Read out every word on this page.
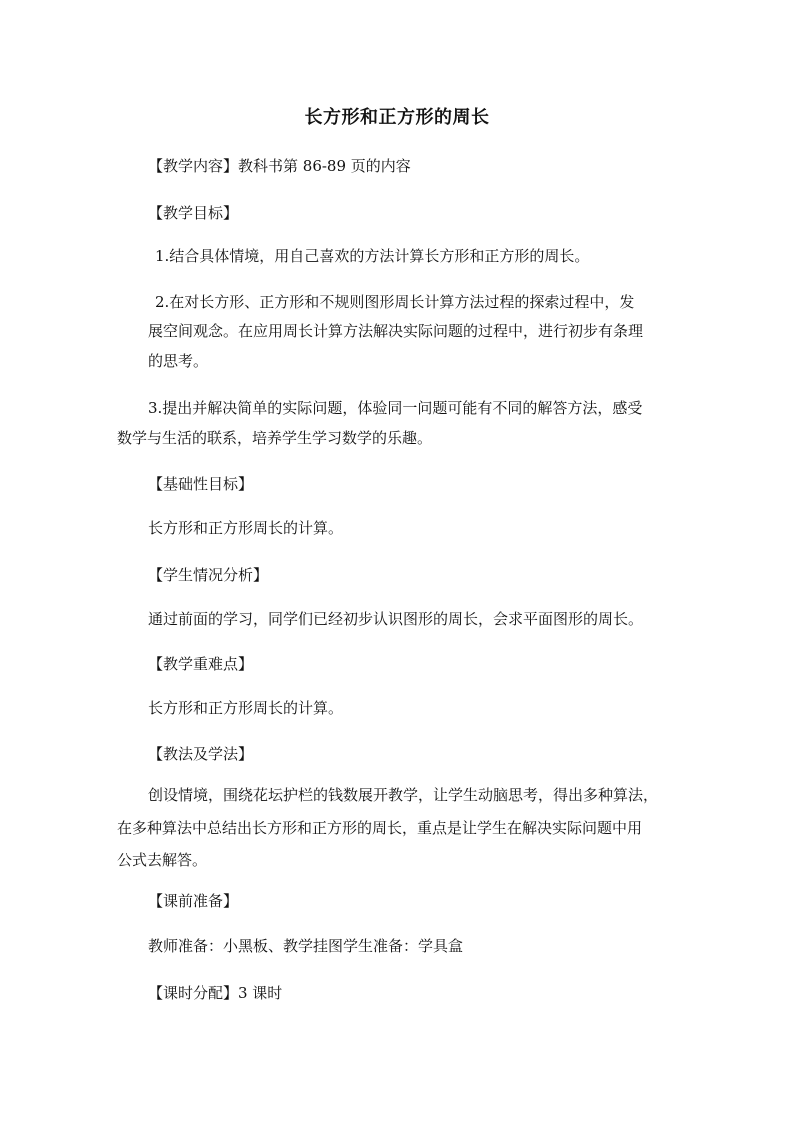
长方形和正方形的周长
【教学内容】教科书第 86-89 页的内容
【教学目标】
1.结合具体情境，用自己喜欢的方法计算长方形和正方形的周长。
2.在对长方形、正方形和不规则图形周长计算方法过程的探索过程中，发
展空间观念。在应用周长计算方法解决实际问题的过程中，进行初步有条理
的思考。
3.提出并解决简单的实际问题，体验同一问题可能有不同的解答方法，感受
数学与生活的联系，培养学生学习数学的乐趣。
【基础性目标】
长方形和正方形周长的计算。
【学生情况分析】
通过前面的学习，同学们已经初步认识图形的周长，会求平面图形的周长。
【教学重难点】
长方形和正方形周长的计算。
【教法及学法】
创设情境，围绕花坛护栏的钱数展开教学，让学生动脑思考，得出多种算法，
在多种算法中总结出长方形和正方形的周长，重点是让学生在解决实际问题中用
公式去解答。
【课前准备】
教师准备：小黑板、教学挂图学生准备：学具盒
【课时分配】3 课时
